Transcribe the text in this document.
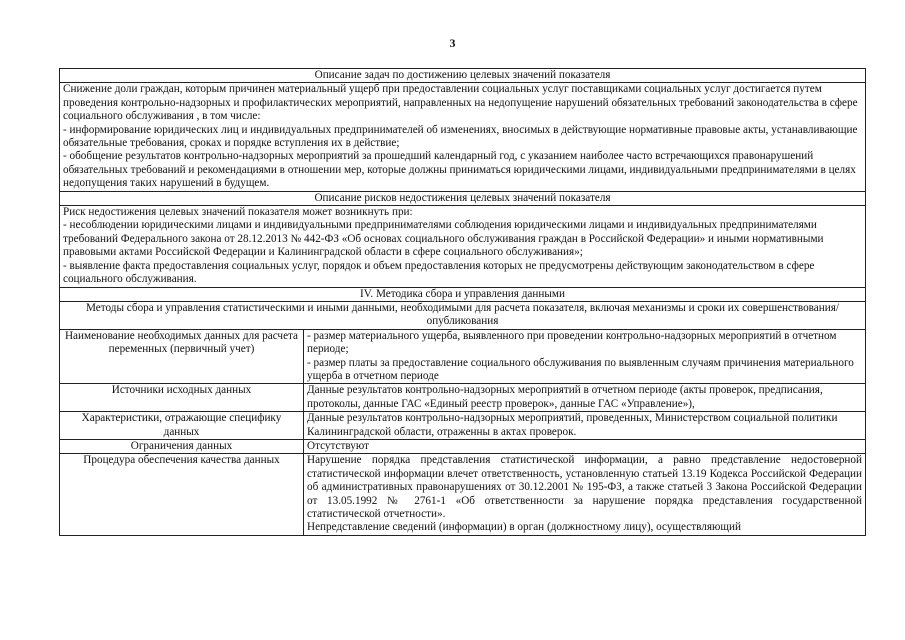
3
Описание задач по достижению целевых значений показателя	

Снижение доли граждан, которым причинен материальный ущерб при предоставлении социальных услуг поставщиками социальных услуг достигается путем проведения контрольно-надзорных и профилактических мероприятий, направленных на недопущение нарушений обязательных требований законодательства в сфере социального обслуживания , в том числе:

- информирование юридических лиц и индивидуальных предпринимателей об изменениях, вносимых в действующие нормативные правовые акты, устанавливающие обязательные требования, сроках и порядке вступления их в действие;

- обобщение результатов контрольно-надзорных мероприятий за прошедший календарный год, с указанием наиболее часто встречающихся правонарушений обязательных требований и рекомендациями в отношении мер, которые должны приниматься юридическими лицами, индивидуальными предпринимателями в целях недопущения таких нарушений в будущем.	

Описание рисков недостижения целевых значений показателя	

Риск недостижения целевых значений показателя может возникнуть при:

- несоблюдении юридическими лицами и индивидуальными предпринимателями соблюдения юридическими лицами и индивидуальных предпринимателями требований Федерального закона от 28.12.2013 № 442-ФЗ «Об основах социального обслуживания граждан в Российской Федерации» и иными нормативными правовыми актами Российской Федерации и Калининградской области в сфере социального обслуживания»;

- выявление факта предоставления социальных услуг, порядок и объем предоставления которых не предусмотрены действующим законодательством в сфере социального обслуживания.	

IV. Методика сбора и управления данными	
Методы сбора и управления статистическими и иными данными, необходимыми для расчета показателя, включая механизмы и сроки их совершенствования/опубликования	
Наименование необходимых данных для расчета переменных (первичный учет)	- размер материального ущерба, выявленного при проведении контрольно-надзорных мероприятий в отчетном периоде;

- размер платы за предоставление социального обслуживания по выявленным случаям причинения материального ущерба в отчетном периоде

Источники исходных данных	Данные результатов контрольно-надзорных мероприятий в отчетном периоде (акты проверок, предписания, протоколы, данные ГАС «Единый реестр проверок», данные ГАС «Управление»),

Характеристики, отражающие специфику данных	Данные результатов контрольно-надзорных мероприятий, проведенных, Министерством социальной политики Калининградской области, отраженны в актах проверок.

Ограничения данных	Отсутствуют

Процедура обеспечения качества данных	Нарушение порядка представления статистической информации, а равно представление недостоверной статистической информации влечет ответственность, установленную статьей 13.19 Кодекса Российской Федерации об административных правонарушениях от 30.12.2001 № 195-ФЗ, а также статьей 3 Закона Российской Федерации от 13.05.1992 № 2761-1 «Об ответственности за нарушение порядка представления государственной статистической отчетности».

Непредставление сведений (информации) в орган (должностному лицу), осуществляющий
